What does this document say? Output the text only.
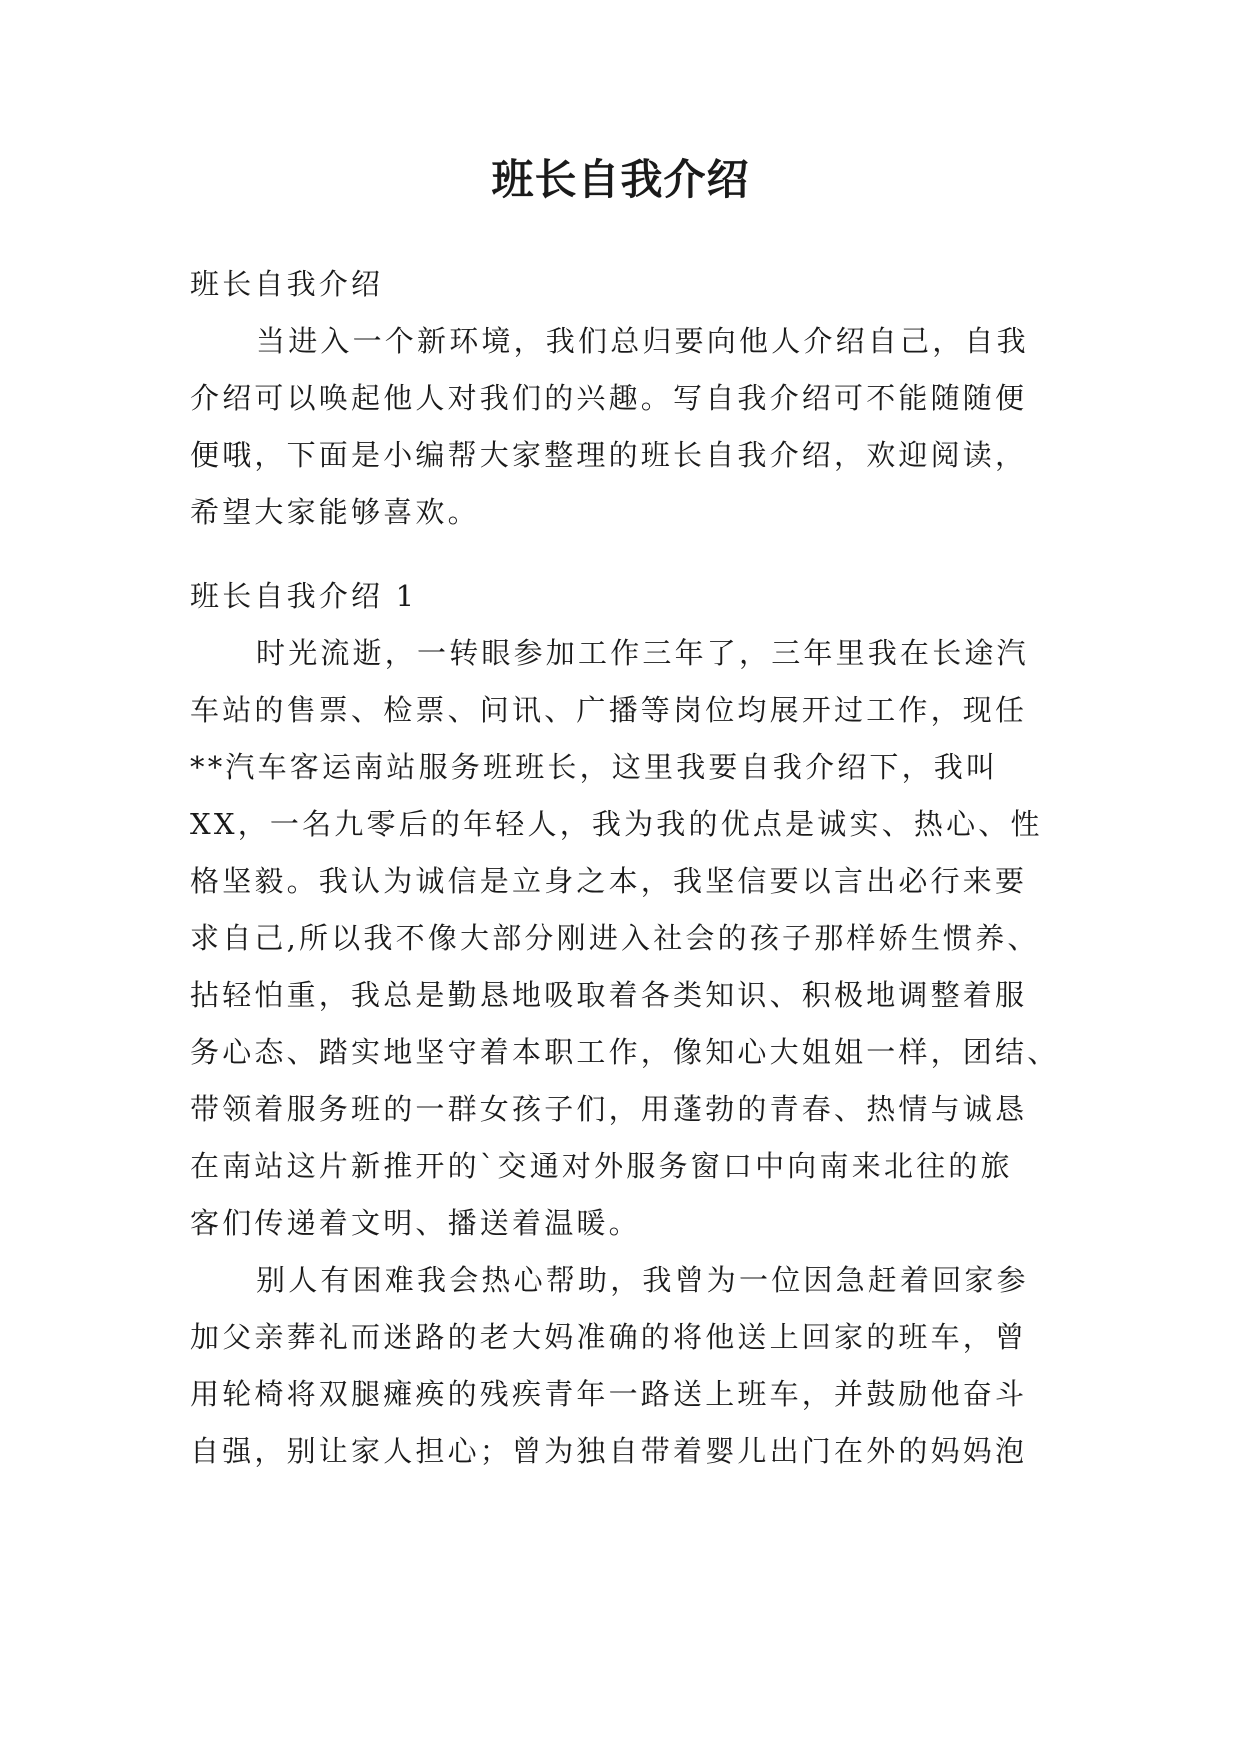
班长自我介绍
班长自我介绍
当进入一个新环境，我们总归要向他人介绍自己，自我
介绍可以唤起他人对我们的兴趣。写自我介绍可不能随随便
便哦，下面是小编帮大家整理的班长自我介绍，欢迎阅读，
希望大家能够喜欢。
班长自我介绍 1
时光流逝，一转眼参加工作三年了，三年里我在长途汽
车站的售票、检票、问讯、广播等岗位均展开过工作，现任
**汽车客运南站服务班班长，这里我要自我介绍下，我叫
XX，一名九零后的年轻人，我为我的优点是诚实、热心、性
格坚毅。我认为诚信是立身之本，我坚信要以言出必行来要
求自己,所以我不像大部分刚进入社会的孩子那样娇生惯养、
拈轻怕重，我总是勤恳地吸取着各类知识、积极地调整着服
务心态、踏实地坚守着本职工作，像知心大姐姐一样，团结、
带领着服务班的一群女孩子们，用蓬勃的青春、热情与诚恳
在南站这片新推开的`交通对外服务窗口中向南来北往的旅
客们传递着文明、播送着温暖。
别人有困难我会热心帮助，我曾为一位因急赶着回家参
加父亲葬礼而迷路的老大妈准确的将他送上回家的班车，曾
用轮椅将双腿瘫痪的残疾青年一路送上班车，并鼓励他奋斗
自强，别让家人担心；曾为独自带着婴儿出门在外的妈妈泡
